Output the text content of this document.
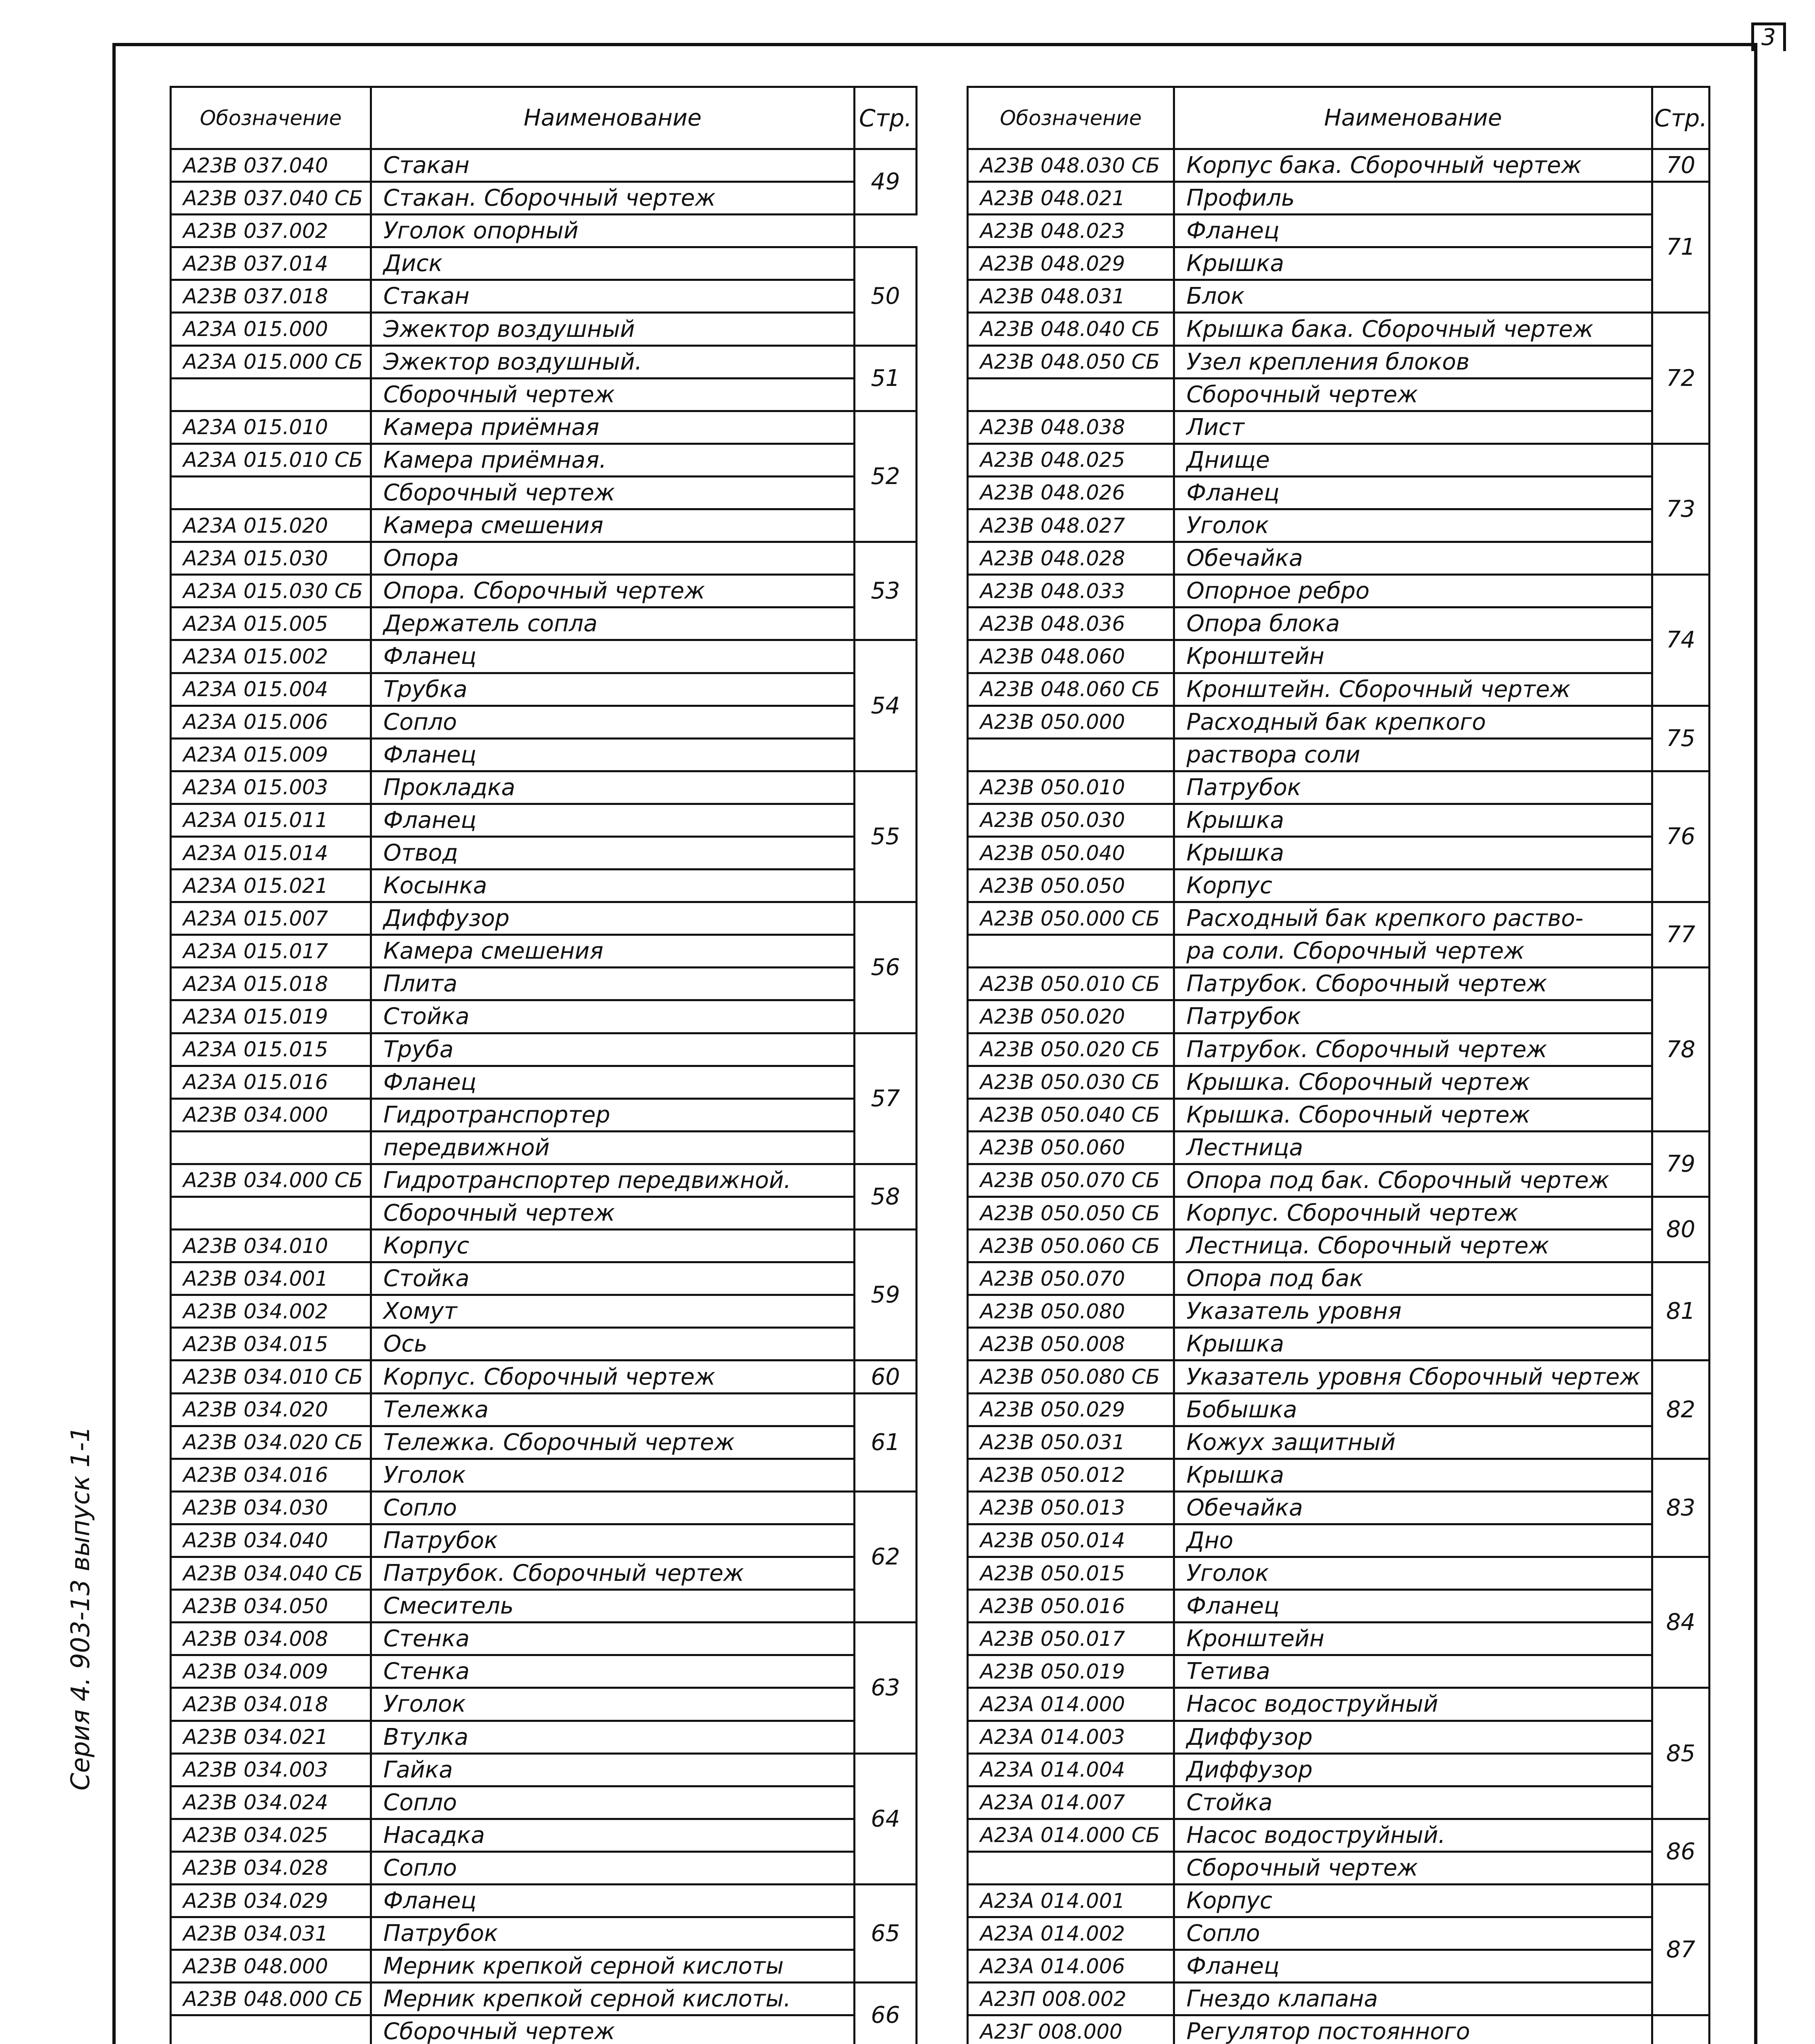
3
Серия 4. 903-13 выпуск 1-1
Обозначение	Наименование	Стр.
А23В 037.040	Стакан	49
А23В 037.040 СБ	Стакан. Сборочный чертеж	
А23В 037.002	Уголок опорный	
А23В 037.014	Диск	50
А23В 037.018	Стакан	
А23А 015.000	Эжектор воздушный	
А23А 015.000 СБ	Эжектор воздушный.	51
	Сборочный чертеж	
А23А 015.010	Камера приёмная	52
А23А 015.010 СБ	Камера приёмная.	
	Сборочный чертеж	
А23А 015.020	Камера смешения	
А23А 015.030	Опора	53
А23А 015.030 СБ	Опора. Сборочный чертеж	
А23А 015.005	Держатель сопла	
А23А 015.002	Фланец	54
А23А 015.004	Трубка	
А23А 015.006	Сопло	
А23А 015.009	Фланец	
А23А 015.003	Прокладка	55
А23А 015.011	Фланец	
А23А 015.014	Отвод	
А23А 015.021	Косынка	
А23А 015.007	Диффузор	56
А23А 015.017	Камера смешения	
А23А 015.018	Плита	
А23А 015.019	Стойка	
А23А 015.015	Труба	57
А23А 015.016	Фланец	
А23В 034.000	Гидротранспортер	
	передвижной	
А23В 034.000 СБ	Гидротранспортер передвижной.	58
	Сборочный чертеж	
А23В 034.010	Корпус	59
А23В 034.001	Стойка	
А23В 034.002	Хомут	
А23В 034.015	Ось	
А23В 034.010 СБ	Корпус. Сборочный чертеж	60
А23В 034.020	Тележка	61
А23В 034.020 СБ	Тележка. Сборочный чертеж	
А23В 034.016	Уголок	
А23В 034.030	Сопло	62
А23В 034.040	Патрубок	
А23В 034.040 СБ	Патрубок. Сборочный чертеж	
А23В 034.050	Смеситель	
А23В 034.008	Стенка	63
А23В 034.009	Стенка	
А23В 034.018	Уголок	
А23В 034.021	Втулка	
А23В 034.003	Гайка	64
А23В 034.024	Сопло	
А23В 034.025	Насадка	
А23В 034.028	Сопло	
А23В 034.029	Фланец	65
А23В 034.031	Патрубок	
А23В 048.000	Мерник крепкой серной кислоты	
А23В 048.000 СБ	Мерник крепкой серной кислоты.	66
	Сборочный чертеж	

Обозначение	Наименование	Стр.
А23В 048.030 СБ	Корпус бака. Сборочный чертеж	70
А23В 048.021	Профиль	71
А23В 048.023	Фланец	
А23В 048.029	Крышка	
А23В 048.031	Блок	
А23В 048.040 СБ	Крышка бака. Сборочный чертеж	72
А23В 048.050 СБ	Узел крепления блоков	
	Сборочный чертеж	
А23В 048.038	Лист	
А23В 048.025	Днище	73
А23В 048.026	Фланец	
А23В 048.027	Уголок	
А23В 048.028	Обечайка	
А23В 048.033	Опорное ребро	74
А23В 048.036	Опора блока	
А23В 048.060	Кронштейн	
А23В 048.060 СБ	Кронштейн. Сборочный чертеж	
А23В 050.000	Расходный бак крепкого	75
	раствора соли	
А23В 050.010	Патрубок	76
А23В 050.030	Крышка	
А23В 050.040	Крышка	
А23В 050.050	Корпус	
А23В 050.000 СБ	Расходный бак крепкого раство-	77
	ра соли. Сборочный чертеж	
А23В 050.010 СБ	Патрубок. Сборочный чертеж	78
А23В 050.020	Патрубок	
А23В 050.020 СБ	Патрубок. Сборочный чертеж	
А23В 050.030 СБ	Крышка. Сборочный чертеж	
А23В 050.040 СБ	Крышка. Сборочный чертеж	
А23В 050.060	Лестница	79
А23В 050.070 СБ	Опора под бак. Сборочный чертеж	
А23В 050.050 СБ	Корпус. Сборочный чертеж	80
А23В 050.060 СБ	Лестница. Сборочный чертеж	
А23В 050.070	Опора под бак	81
А23В 050.080	Указатель уровня	
А23В 050.008	Крышка	
А23В 050.080 СБ	Указатель уровня Сборочный чертеж	82
А23В 050.029	Бобышка	
А23В 050.031	Кожух защитный	
А23В 050.012	Крышка	83
А23В 050.013	Обечайка	
А23В 050.014	Дно	
А23В 050.015	Уголок	84
А23В 050.016	Фланец	
А23В 050.017	Кронштейн	
А23В 050.019	Тетива	
А23А 014.000	Насос водоструйный	85
А23А 014.003	Диффузор	
А23А 014.004	Диффузор	
А23А 014.007	Стойка	
А23А 014.000 СБ	Насос водоструйный.	86
	Сборочный чертеж	
А23А 014.001	Корпус	87
А23А 014.002	Сопло	
А23А 014.006	Фланец	
А23П 008.002	Гнездо клапана	
А23Г 008.000	Регулятор постоянного	
